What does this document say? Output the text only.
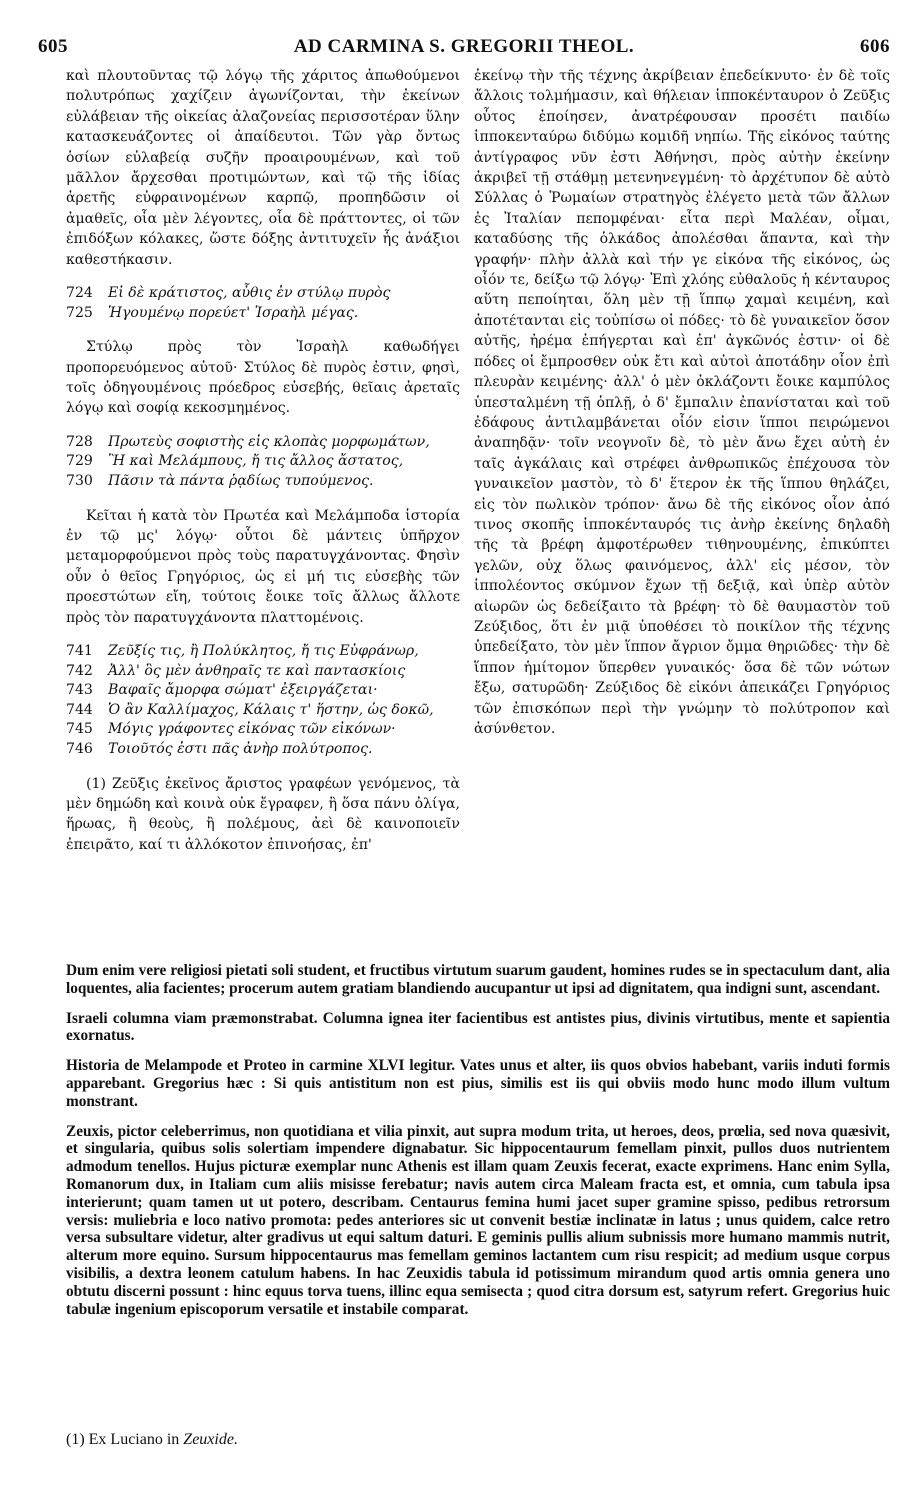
605	AD CARMINA S. GREGORII THEOL.	606

καὶ πλουτοῦντας τῷ λόγῳ τῆς χάριτος ἀπωθούμενοι πολυτρόπως χαχίζειν ἀγωνίζονται, τὴν ἐκείνων εὐλάβειαν τῆς οἰκείας ἀλαζονείας περισσοτέραν ὕλην κατασκευάζοντες οἱ ἀπαίδευτοι. Τῶν γὰρ ὄντως ὁσίων εὐλαβείᾳ συζῆν προαιρουμένων, καὶ τοῦ μᾶλλον ἄρχεσθαι προτιμώντων, καὶ τῷ τῆς ἰδίας ἀρετῆς εὐφραινομένων καρπῷ, προπηδῶσιν οἱ ἀμαθεῖς, οἷα μὲν λέγοντες, οἷα δὲ πράττοντες, οἱ τῶν ἐπιδόξων κόλακες, ὥστε δόξης ἀντιτυχεῖν ἧς ἀνάξιοι καθεστήκασιν.

724	Εἰ δὲ κράτιστος, αὖθις ἐν στύλῳ πυρὸς
725	Ἡγουμένῳ πορεύετ' Ἰσραὴλ μέγας.

Στύλῳ πρὸς τὸν Ἰσραὴλ καθωδήγει προπορευόμενος αὐτοῦ· Στύλος δὲ πυρὸς ἐστιν, φησὶ, τοῖς ὁδηγουμένοις πρόεδρος εὐσεβής, θεῖαις ἀρεταῖς λόγῳ καὶ σοφίᾳ κεκοσμημένος.

728	Πρωτεὺς σοφιστὴς εἰς κλοπὰς μορφωμάτων,
729	Ἢ καὶ Μελάμπους, ἤ τις ἄλλος ἄστατος,
730	Πᾶσιν τὰ πάντα ῥᾳδίως τυπούμενος.

Κεῖται ἡ κατὰ τὸν Πρωτέα καὶ Μελάμποδα ἱστορία ἐν τῷ μς' λόγῳ· οὗτοι δὲ μάντεις ὑπῆρχον μεταμορφούμενοι πρὸς τοὺς παρατυγχάνοντας. Φησὶν οὖν ὁ θεῖος Γρηγόριος, ὡς εἰ μή τις εὐσεβὴς τῶν προεστώτων εἴη, τούτοις ἔοικε τοῖς ἄλλως ἄλλοτε πρὸς τὸν παρατυγχάνοντα πλαττομένοις.

741	Ζεῦξίς τις, ἢ Πολύκλητος, ἤ τις Εὐφράνωρ,
742	Ἀλλ' ὃς μὲν ἀνθηραῖς τε καὶ παντασκίοις
743	Βαφαῖς ἄμορφα σώματ' ἐξειργάζεται·
744	Ὁ ἂν Καλλίμαχος, Κάλαις τ' ἥστην, ὡς δοκῶ,
745	Μόγις γράφοντες εἰκόνας τῶν εἰκόνων·
746	Τοιοῦτός ἐστι πᾶς ἀνὴρ πολύτροπος.

(1) Ζεῦξις ἐκεῖνος ἄριστος γραφέων γενόμενος, τὰ μὲν δημώδη καὶ κοινὰ οὐκ ἔγραφεν, ἢ ὅσα πάνυ ὀλίγα, ἥρωας, ἢ θεοὺς, ἢ πολέμους, ἀεὶ δὲ καινοποιεῖν ἐπειρᾶτο, καί τι ἀλλόκοτον ἐπινοήσας, ἐπ'

ἐκείνῳ τὴν τῆς τέχνης ἀκρίβειαν ἐπεδείκνυτο· ἐν δὲ τοῖς ἄλλοις τολμήμασιν, καὶ θήλειαν ἱπποκένταυρον ὁ Ζεῦξις οὗτος ἐποίησεν, ἀνατρέφουσαν προσέτι παιδίω ἱπποκενταύρω διδύμω κομιδῆ νηπίω. Τῆς εἰκόνος ταύτης ἀντίγραφος νῦν ἐστι Ἀθήνησι, πρὸς αὐτὴν ἐκείνην ἀκριβεῖ τῇ στάθμῃ μετενηνεγμένη· τὸ ἀρχέτυπον δὲ αὐτὸ Σύλλας ὁ Ῥωμαίων στρατηγὸς ἐλέγετο μετὰ τῶν ἄλλων ἐς Ἰταλίαν πεπομφέναι· εἶτα περὶ Μαλέαν, οἶμαι, καταδύσης τῆς ὁλκάδος ἀπολέσθαι ἅπαντα, καὶ τὴν γραφήν· πλὴν ἀλλὰ καὶ τήν γε εἰκόνα τῆς εἰκόνος, ὡς οἷόν τε, δείξω τῷ λόγῳ· Ἐπὶ χλόης εὐθαλοῦς ἡ κένταυρος αὕτη πεποίηται, ὅλη μὲν τῇ ἵππῳ χαμαὶ κειμένη, καὶ ἀποτέτανται εἰς τοὐπίσω οἱ πόδες· τὸ δὲ γυναικεῖον ὅσον αὐτῆς, ἠρέμα ἐπήγερται καὶ ἐπ' ἀγκῶνός ἐστιν· οἱ δὲ πόδες οἱ ἔμπροσθεν οὐκ ἔτι καὶ αὐτοὶ ἀποτάδην οἷον ἐπὶ πλευρὰν κειμένης· ἀλλ' ὁ μὲν ὀκλάζοντι ἔοικε καμπύλος ὑπεσταλμένη τῇ ὁπλῇ, ὁ δ' ἔμπαλιν ἐπανίσταται καὶ τοῦ ἐδάφους ἀντιλαμβάνεται οἷόν εἰσιν ἵπποι πειρώμενοι ἀναπηδᾷν· τοῖν νεογνοῖν δὲ, τὸ μὲν ἄνω ἔχει αὐτὴ ἐν ταῖς ἀγκάλαις καὶ στρέφει ἀνθρωπικῶς ἐπέχουσα τὸν γυναικεῖον μαστὸν, τὸ δ' ἕτερον ἐκ τῆς ἵππου θηλάζει, εἰς τὸν πωλικὸν τρόπον· ἄνω δὲ τῆς εἰκόνος οἷον ἀπό τινος σκοπῆς ἱπποκένταυρός τις ἀνὴρ ἐκείνης δηλαδὴ τῆς τὰ βρέφη ἀμφοτέρωθεν τιθηνουμένης, ἐπικύπτει γελῶν, οὐχ ὅλως φαινόμενος, ἀλλ' εἰς μέσον, τὸν ἱππολέοντος σκύμνον ἔχων τῇ δεξιᾷ, καὶ ὑπὲρ αὐτὸν αἰωρῶν ὡς δεδείξαιτο τὰ βρέφη· τὸ δὲ θαυμαστὸν τοῦ Ζεύξιδος, ὅτι ἐν μιᾷ ὑποθέσει τὸ ποικίλον τῆς τέχνης ὑπεδείξατο, τὸν μὲν ἵππον ἄγριον ὄμμα θηριῶδες· τὴν δὲ ἵππον ἡμίτομον ὕπερθεν γυναικός· ὅσα δὲ τῶν νώτων ἔξω, σατυρῶδη· Ζεύξιδος δὲ εἰκόνι ἀπεικάζει Γρηγόριος τῶν ἐπισκόπων περὶ τὴν γνώμην τὸ πολύτροπον καὶ ἀσύνθετον.

Dum enim vere religiosi pietati soli student, et fructibus virtutum suarum gaudent, homines rudes se in spectaculum dant, alia loquentes, alia facientes; procerum autem gratiam blandiendo aucupantur ut ipsi ad dignitatem, qua indigni sunt, ascendant.

Israeli columna viam præmonstrabat. Columna ignea iter facientibus est antistes pius, divinis virtutibus, mente et sapientia exornatus.

Historia de Melampode et Proteo in carmine XLVI legitur. Vates unus et alter, iis quos obvios habebant, variis induti formis apparebant. Gregorius hæc : Si quis antistitum non est pius, similis est iis qui obviis modo hunc modo illum vultum monstrant.

Zeuxis, pictor celeberrimus, non quotidiana et vilia pinxit, aut supra modum trita, ut heroes, deos, prœlia, sed nova quæsivit, et singularia, quibus solis solertiam impendere dignabatur. Sic hippocentaurum femellam pinxit, pullos duos nutrientem admodum tenellos. Hujus picturæ exemplar nunc Athenis est illam quam Zeuxis fecerat, exacte exprimens. Hanc enim Sylla, Romanorum dux, in Italiam cum aliis misisse ferebatur; navis autem circa Maleam fracta est, et omnia, cum tabula ipsa interierunt; quam tamen ut ut potero, describam. Centaurus femina humi jacet super gramine spisso, pedibus retrorsum versis: muliebria e loco nativo promota: pedes anteriores sic ut convenit bestiæ inclinatæ in latus ; unus quidem, calce retro versa subsultare videtur, alter gradivus ut equi saltum daturi. E geminis pullis alium subnissis more humano mammis nutrit, alterum more equino. Sursum hippocentaurus mas femellam geminos lactantem cum risu respicit; ad medium usque corpus visibilis, a dextra leonem catulum habens. In hac Zeuxidis tabula id potissimum mirandum quod artis omnia genera uno obtutu discerni possunt : hinc equus torva tuens, illinc equa semisecta ; quod citra dorsum est, satyrum refert. Gregorius huic tabulæ ingenium episcoporum versatile et instabile comparat.

(1) Ex Luciano in Zeuxide.
